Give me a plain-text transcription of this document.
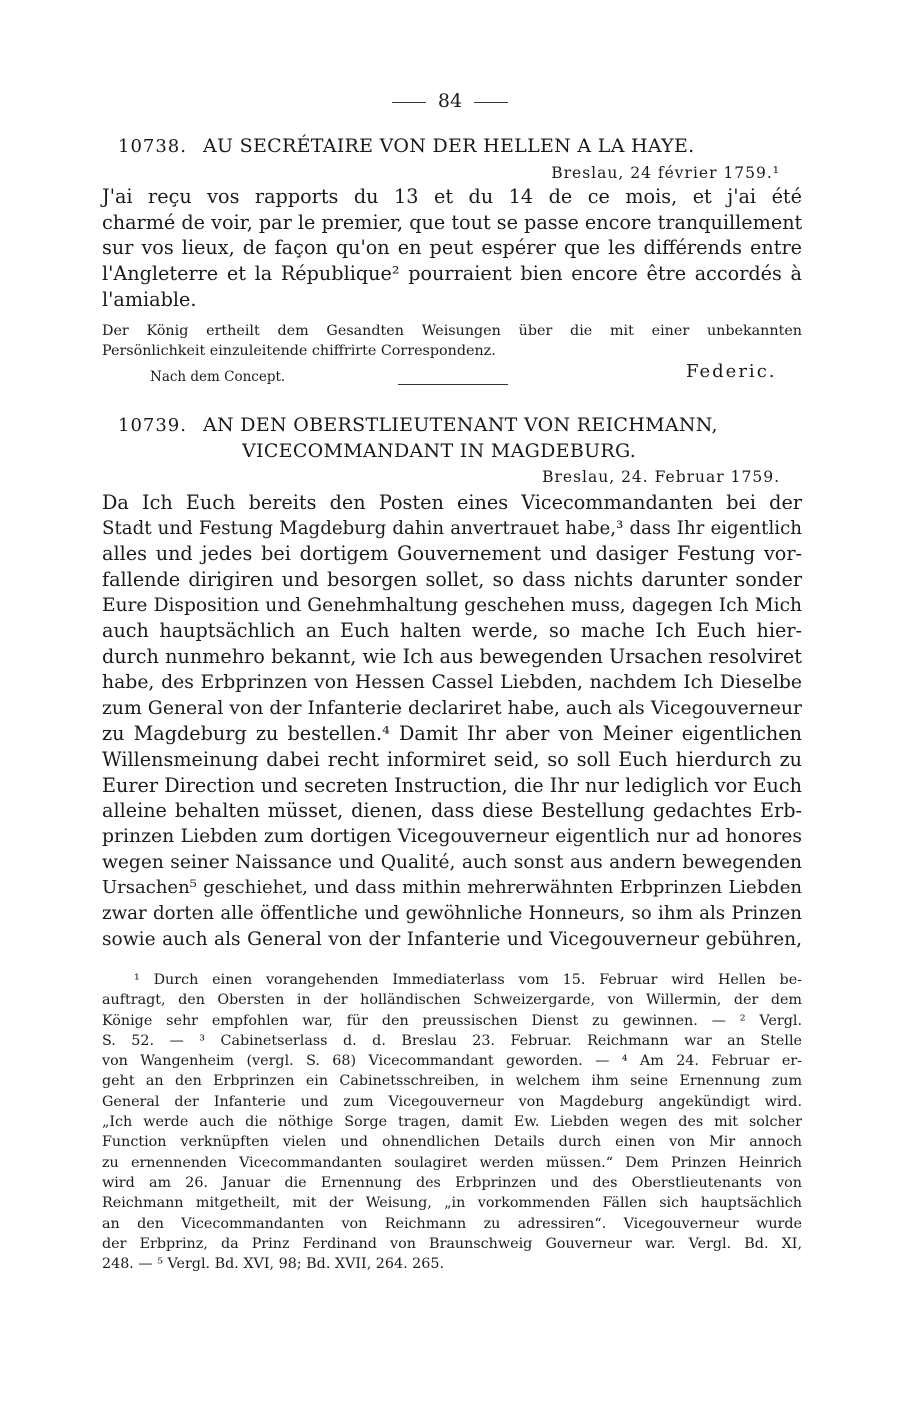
84
10738. AU SECRÉTAIRE VON DER HELLEN A LA HAYE.
Breslau, 24 février 1759.¹
J'ai reçu vos rapports du 13 et du 14 de ce mois, et j'ai été
charmé de voir, par le premier, que tout se passe encore tranquillement
sur vos lieux, de façon qu'on en peut espérer que les différends entre
l'Angleterre et la République² pourraient bien encore être accordés à
l'amiable.
Der König ertheilt dem Gesandten Weisungen über die mit einer unbekannten
Persönlichkeit einzuleitende chiffrirte Correspondenz.
Nach dem Concept.	Federic.
10739. AN DEN OBERSTLIEUTENANT VON REICHMANN,
VICECOMMANDANT IN MAGDEBURG.
Breslau, 24. Februar 1759.
Da Ich Euch bereits den Posten eines Vicecommandanten bei der
Stadt und Festung Magdeburg dahin anvertrauet habe,³ dass Ihr eigentlich
alles und jedes bei dortigem Gouvernement und dasiger Festung vor-
fallende dirigiren und besorgen sollet, so dass nichts darunter sonder
Eure Disposition und Genehmhaltung geschehen muss, dagegen Ich Mich
auch hauptsächlich an Euch halten werde, so mache Ich Euch hier-
durch nunmehro bekannt, wie Ich aus bewegenden Ursachen resolviret
habe, des Erbprinzen von Hessen Cassel Liebden, nachdem Ich Dieselbe
zum General von der Infanterie declariret habe, auch als Vicegouverneur
zu Magdeburg zu bestellen.⁴ Damit Ihr aber von Meiner eigentlichen
Willensmeinung dabei recht informiret seid, so soll Euch hierdurch zu
Eurer Direction und secreten Instruction, die Ihr nur lediglich vor Euch
alleine behalten müsset, dienen, dass diese Bestellung gedachtes Erb-
prinzen Liebden zum dortigen Vicegouverneur eigentlich nur ad honores
wegen seiner Naissance und Qualité, auch sonst aus andern bewegenden
Ursachen⁵ geschiehet, und dass mithin mehrerwähnten Erbprinzen Liebden
zwar dorten alle öffentliche und gewöhnliche Honneurs, so ihm als Prinzen
sowie auch als General von der Infanterie und Vicegouverneur gebühren,
¹ Durch einen vorangehenden Immediaterlass vom 15. Februar wird Hellen be-
auftragt, den Obersten in der holländischen Schweizergarde, von Willermin, der dem
Könige sehr empfohlen war, für den preussischen Dienst zu gewinnen. — ² Vergl.
S. 52. — ³ Cabinetserlass d. d. Breslau 23. Februar. Reichmann war an Stelle
von Wangenheim (vergl. S. 68) Vicecommandant geworden. — ⁴ Am 24. Februar er-
geht an den Erbprinzen ein Cabinetsschreiben, in welchem ihm seine Ernennung zum
General der Infanterie und zum Vicegouverneur von Magdeburg angekündigt wird.
„Ich werde auch die nöthige Sorge tragen, damit Ew. Liebden wegen des mit solcher
Function verknüpften vielen und ohnendlichen Details durch einen von Mir annoch
zu ernennenden Vicecommandanten soulagiret werden müssen.“ Dem Prinzen Heinrich
wird am 26. Januar die Ernennung des Erbprinzen und des Oberstlieutenants von
Reichmann mitgetheilt, mit der Weisung, „in vorkommenden Fällen sich hauptsächlich
an den Vicecommandanten von Reichmann zu adressiren“. Vicegouverneur wurde
der Erbprinz, da Prinz Ferdinand von Braunschweig Gouverneur war. Vergl. Bd. XI,
248. — ⁵ Vergl. Bd. XVI, 98; Bd. XVII, 264. 265.
